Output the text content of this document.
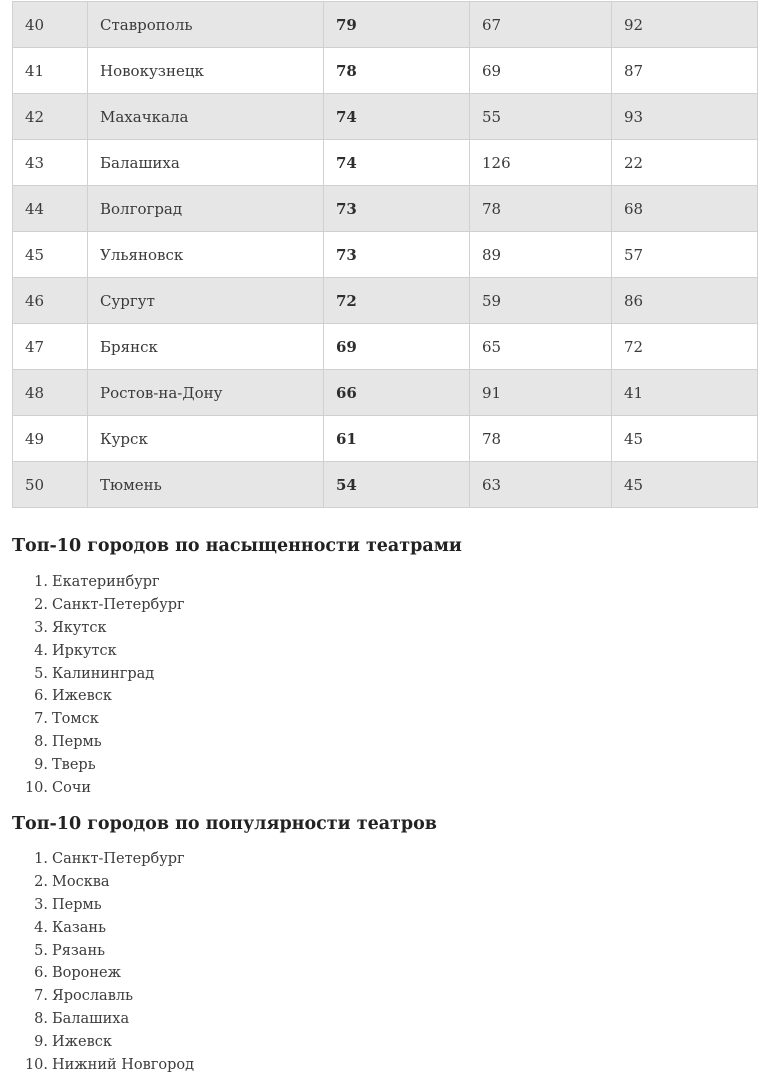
40	Ставрополь	79	67	92
41	Новокузнецк	78	69	87
42	Махачкала	74	55	93
43	Балашиха	74	126	22
44	Волгоград	73	78	68
45	Ульяновск	73	89	57
46	Сургут	72	59	86
47	Брянск	69	65	72
48	Ростов-на-Дону	66	91	41
49	Курск	61	78	45
50	Тюмень	54	63	45
Топ-10 городов по насыщенности театрами
1. Екатеринбург
2. Санкт-Петербург
3. Якутск
4. Иркутск
5. Калининград
6. Ижевск
7. Томск
8. Пермь
9. Тверь
10. Сочи
Топ-10 городов по популярности театров
1. Санкт-Петербург
2. Москва
3. Пермь
4. Казань
5. Рязань
6. Воронеж
7. Ярославль
8. Балашиха
9. Ижевск
10. Нижний Новгород
